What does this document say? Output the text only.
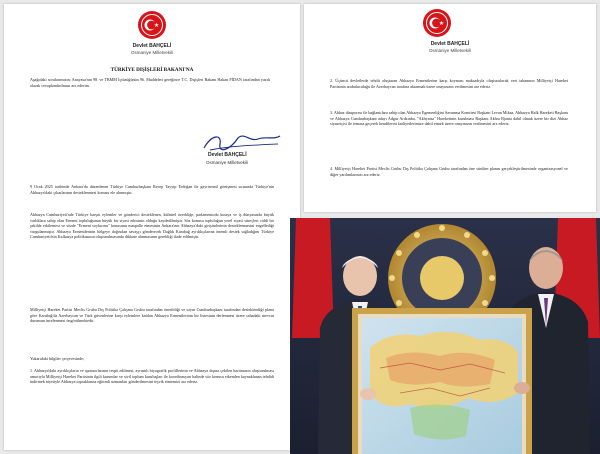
Devlet BAHÇELİ
Osmaniye Milletvekili
TÜRKİYE DIŞİŞLERİ BAKANI'NA

Aşağıdaki sorularımızın; Anayasa'nın 98. ve TBMM İçtüzüğünün 96. Maddeleri gereğince T.C. Dışişleri Bakanı Hakan FİDAN tarafından yazılı olarak cevaplandırılması arz ederim.

Devlet BAHÇELİ
Osmaniye Milletvekili

9 Ocak 2025 tarihinde Ankara'da düzenlenen Türkiye Cumhurbaşkanı Recep Tayyip Erdoğan ile gayriresmî görüşmesi sırasında Türkiye'nin Abhazya'daki çıkarlarının desteklenmesi konusu ele alınmıştır.

Abhazya Cumhuriyeti'nde Türkiye karşıtı eylemler ve gönderici desteklenen, kültürel özerkliğe, parlamentodu kutaya ve iş dünyasında büyük varlıklara sahip olan Ermeni topluluğunun büyük bir siyasi etkisinin olduğu kaydedilmiştir. Söz konusu topluluğun yerel siyasi süreçleri ciddi bir şekilde etkilemesi ve sözde "Ermeni soykırımı" konusunu maspalle etmesinin Ankara'nın Abhazya'daki girişimlerinin desteklenmesini engellediği vurgulanmıştır. Abhazya Ermenilerinin bölgeye doğrudan savaşçı gönderecek Dağlık Karabağ ayrılıkçılarına önemli destek sağladığını Türkiye Cumhuriyeti'nin Kafkasya politikasının oluşturulmasında dikkate alınmasının gerekliği ifade edilmiştir.

Milliyetçi Hareket Partisi Meclis Grubu Dış Politika Çalışma Grubu tarafından önerildiği ve sayın Cumhurbaşkanı tarafından desteklendiği plana göre Karabağ'da Azerbaycan ve Türk güvenlerine karşı eylemlere katılan Abhazya Ermenilerinin bir listesinin derlenmesi üzere sahadaki mevcut durumun incelenmesi öngörülmektedir.

Yukarıdaki bilgiler çerçevesinde;

1. Abhazya'daki ayrılıkçıların ve sponsorlarının tespit edilmesi, ayrıntılı biyografik profillerinin ve Abhazya dışına çekilen haritasının oluşturulması amacıyla Milliyetçi Hareket Partisinin ilgili kurumlar ve sivil toplum kuruluşları ile koordinasyon halinde söz konusu etkenden kaynaklanan tehdidi indirmek niyetiyle Abhazya topraklarına eğitimli uzmanları gönderilmesini teşvik etmemizi arz ederiz.

Devlet BAHÇELİ
Osmaniye Milletvekili

2. Üçüncü devletlerde tehdit oluşturan Abhazya Ermenilerine karşı koyması maksadıyla oluşturulacak veri tabanının Milliyetçi Hareket Partisinin arabuluculuğu ile Azerbaycan tarafına aktarmak üzere onayınızın verilmesini arz ederiz.

3. Abhaz diasporası ile bağlantılara sahip olan Abhazya Egemenliğini Savunma Komitesi Başkanı Levan Mikaa, Abhazya Halk Hareketi Başkanı ve Abhazya Cumhurbaşkanı adayı Adgur Ardzınba, "Akhyatsa" Hareketinin kurulması Başkanı Akhra Bjania dahil olmak üzere bir dizi Abhaz siyasetçisi ile temasa geçerek kendilerini faaliyetlerimize dahil etmek üzere onayınızın verilmesini arz ederiz.

4. Milliyetçi Hareket Partisi Meclis Grubu Dış Politika Çalışma Grubu tarafından öne sürülen planın gerçekleştirilmesinde organizasyonel ve diğer yardımlarınızı arz ederiz.
